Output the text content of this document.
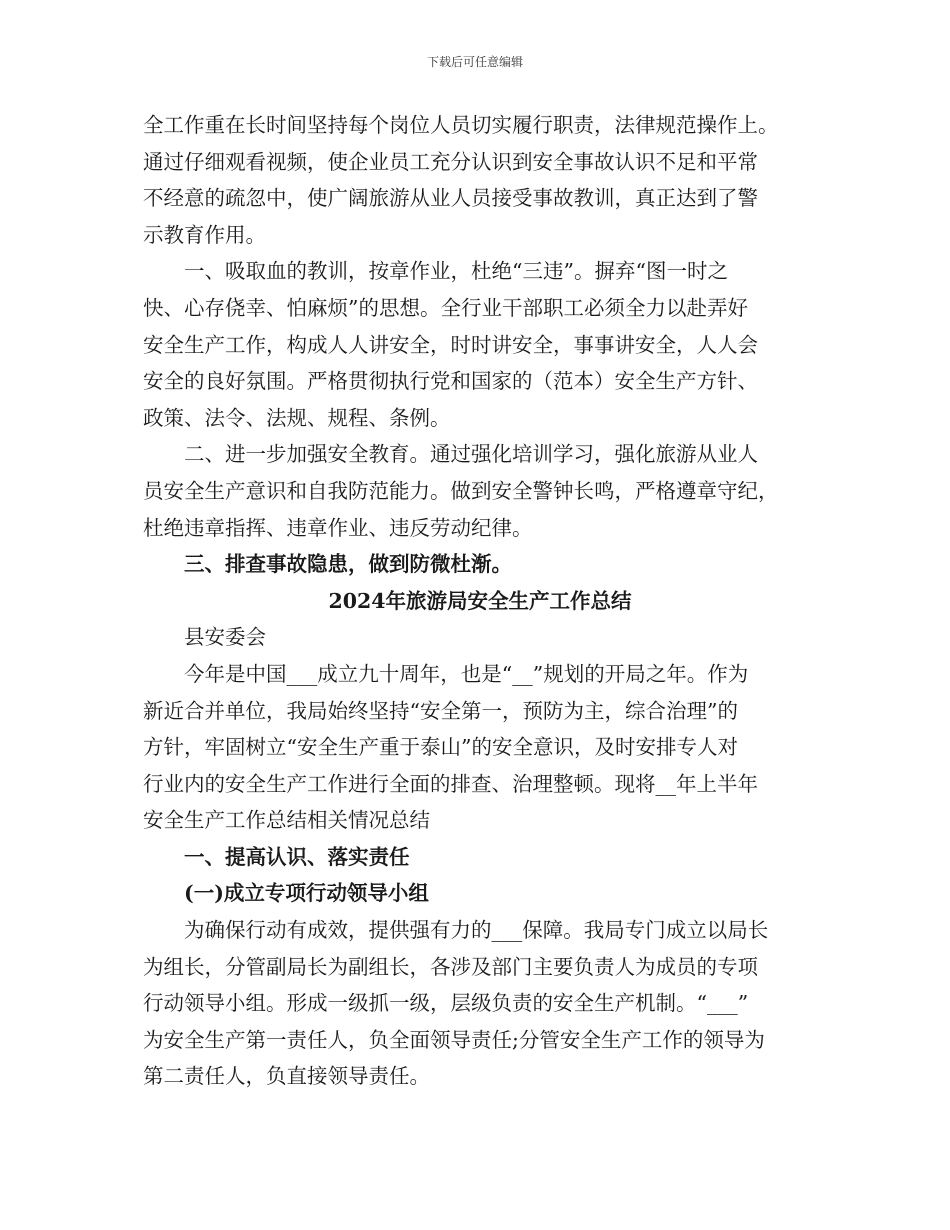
下载后可任意编辑
全工作重在长时间坚持每个岗位人员切实履行职责，法律规范操作上。
通过仔细观看视频，使企业员工充分认识到安全事故认识不足和平常
不经意的疏忽中，使广阔旅游从业人员接受事故教训，真正达到了警
示教育作用。
一、吸取血的教训，按章作业，杜绝“三违”。摒弃“图一时之
快、心存侥幸、怕麻烦”的思想。全行业干部职工必须全力以赴弄好
安全生产工作，构成人人讲安全，时时讲安全，事事讲安全，人人会
安全的良好氛围。严格贯彻执行党和国家的（范本）安全生产方针、
政策、法令、法规、规程、条例。
二、进一步加强安全教育。通过强化培训学习，强化旅游从业人
员安全生产意识和自我防范能力。做到安全警钟长鸣，严格遵章守纪，
杜绝违章指挥、违章作业、违反劳动纪律。
三、排查事故隐患，做到防微杜渐。
2024年旅游局安全生产工作总结
县安委会
今年是中国___成立九十周年，也是“__”规划的开局之年。作为
新近合并单位，我局始终坚持“安全第一，预防为主，综合治理”的
方针，牢固树立“安全生产重于泰山”的安全意识，及时安排专人对
行业内的安全生产工作进行全面的排查、治理整顿。现将__年上半年
安全生产工作总结相关情况总结
一、提高认识、落实责任
(一)成立专项行动领导小组
为确保行动有成效，提供强有力的___保障。我局专门成立以局长
为组长，分管副局长为副组长，各涉及部门主要负责人为成员的专项
行动领导小组。形成一级抓一级，层级负责的安全生产机制。“___”
为安全生产第一责任人，负全面领导责任;分管安全生产工作的领导为
第二责任人，负直接领导责任。
